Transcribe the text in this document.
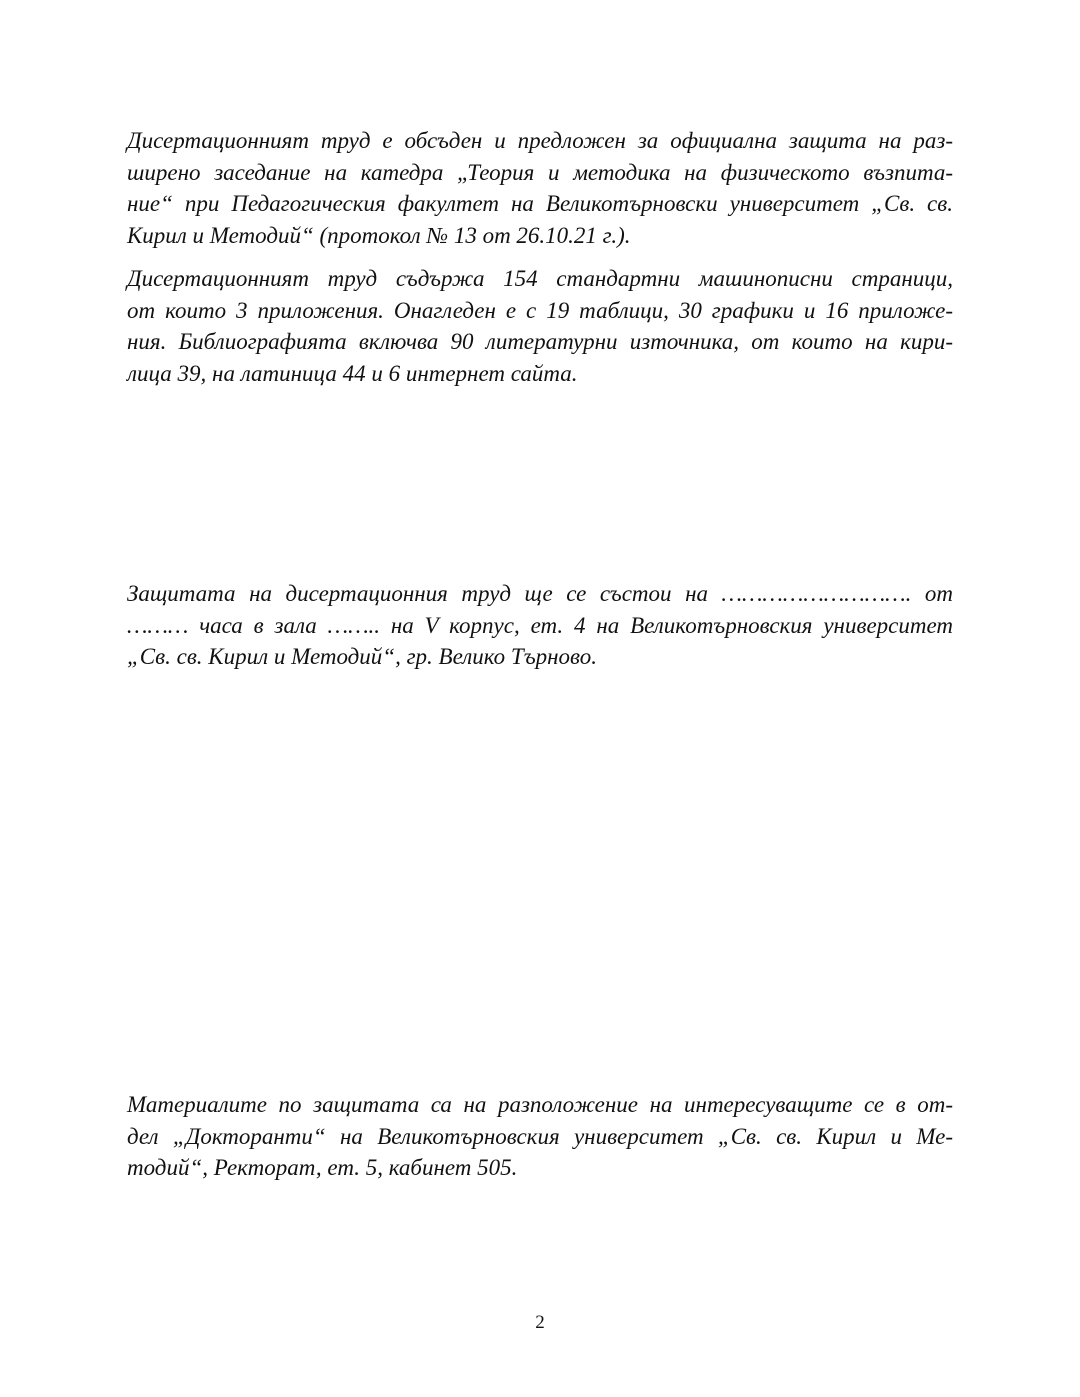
Дисертационният труд е обсъден и предложен за официална защита на раз-
ширено заседание на катедра „Теория и методика на физическото възпита-
ние“ при Педагогическия факултет на Великотърновски университет „Св. св.
Кирил и Методий“ (протокол № 13 от 26.10.21 г.).

Дисертационният труд съдържа 154 стандартни машинописни страници,
от които 3 приложения. Онагледен е с 19 таблици, 30 графики и 16 приложе-
ния. Библиографията включва 90 литературни източника, от които на кири-
лица 39, на латиница 44 и 6 интернет сайта.

Защитата на дисертационния труд ще се състои на ………………………. от
……… часа в зала …….. на V корпус, ет. 4 на Великотърновския университет
„Св. св. Кирил и Методий“, гр. Велико Търново.

Материалите по защитата са на разположение на интересуващите се в от-
дел „Докторанти“ на Великотърновския университет „Св. св. Кирил и Ме-
тодий“, Ректорат, ет. 5, кабинет 505.

2
